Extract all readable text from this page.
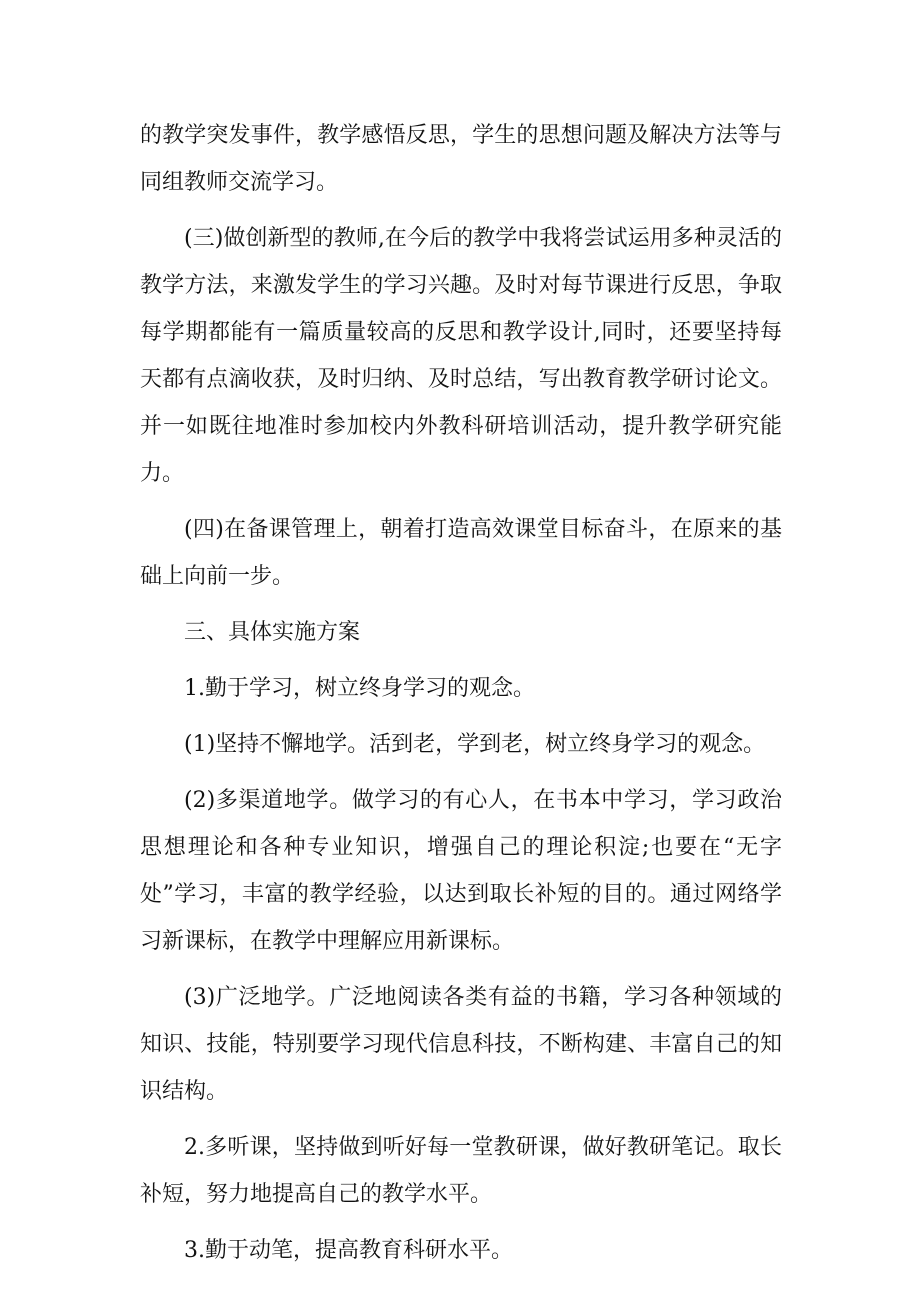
的教学突发事件，教学感悟反思，学生的思想问题及解决方法等与同组教师交流学习。

(三)做创新型的教师,在今后的教学中我将尝试运用多种灵活的教学方法，来激发学生的学习兴趣。及时对每节课进行反思，争取每学期都能有一篇质量较高的反思和教学设计,同时，还要坚持每天都有点滴收获，及时归纳、及时总结，写出教育教学研讨论文。并一如既往地准时参加校内外教科研培训活动，提升教学研究能力。

(四)在备课管理上，朝着打造高效课堂目标奋斗，在原来的基础上向前一步。

三、具体实施方案

1.勤于学习，树立终身学习的观念。

(1)坚持不懈地学。活到老，学到老，树立终身学习的观念。

(2)多渠道地学。做学习的有心人，在书本中学习，学习政治思想理论和各种专业知识，增强自己的理论积淀;也要在“无字处”学习，丰富的教学经验，以达到取长补短的目的。通过网络学习新课标，在教学中理解应用新课标。

(3)广泛地学。广泛地阅读各类有益的书籍，学习各种领域的知识、技能，特别要学习现代信息科技，不断构建、丰富自己的知识结构。

2.多听课，坚持做到听好每一堂教研课，做好教研笔记。取长补短，努力地提高自己的教学水平。

3.勤于动笔，提高教育科研水平。
